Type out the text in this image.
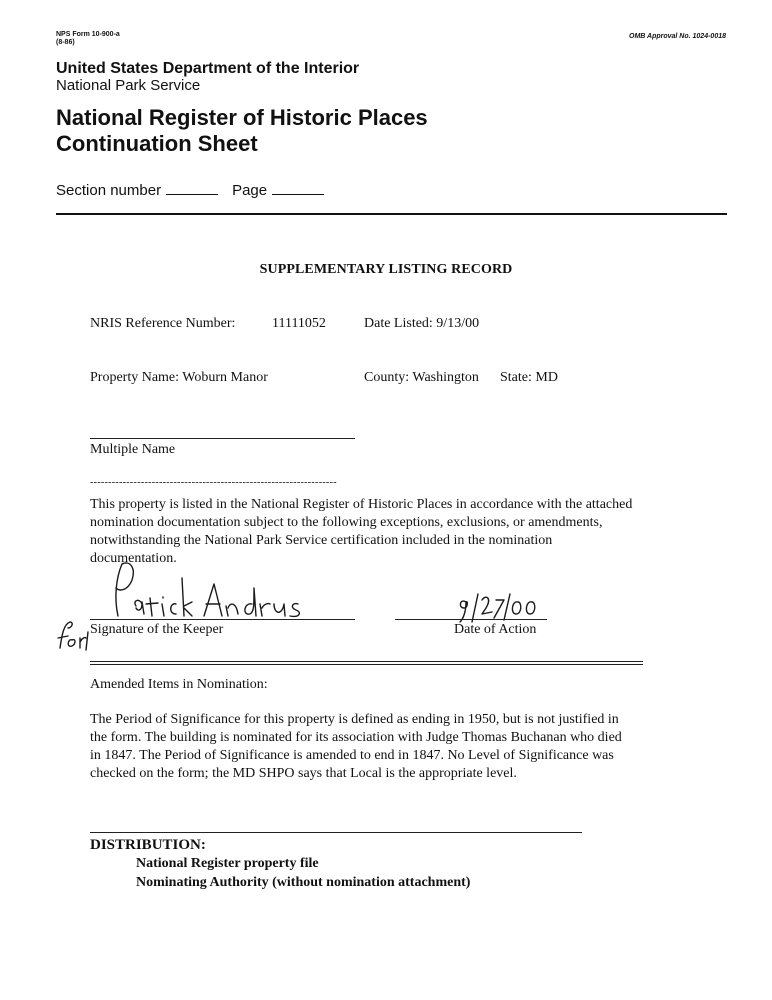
NPS Form 10-900-a
(8-86)
OMB Approval No. 1024-0018
United States Department of the Interior
National Park Service
National Register of Historic Places
Continuation Sheet
Section number	Page
SUPPLEMENTARY LISTING RECORD
NRIS Reference Number:	11111052	Date Listed: 9/13/00
Property Name: Woburn Manor	County: Washington State: MD
Multiple Name
--------------------------------------------------------------------
This property is listed in the National Register of Historic Places in accordance with the attached
nomination documentation subject to the following exceptions, exclusions, or amendments,
notwithstanding the National Park Service certification included in the nomination
documentation.
Signature of the Keeper	Date of Action
Amended Items in Nomination:
The Period of Significance for this property is defined as ending in 1950, but is not justified in
the form. The building is nominated for its association with Judge Thomas Buchanan who died
in 1847. The Period of Significance is amended to end in 1847. No Level of Significance was
checked on the form; the MD SHPO says that Local is the appropriate level.
DISTRIBUTION:
National Register property file
Nominating Authority (without nomination attachment)
